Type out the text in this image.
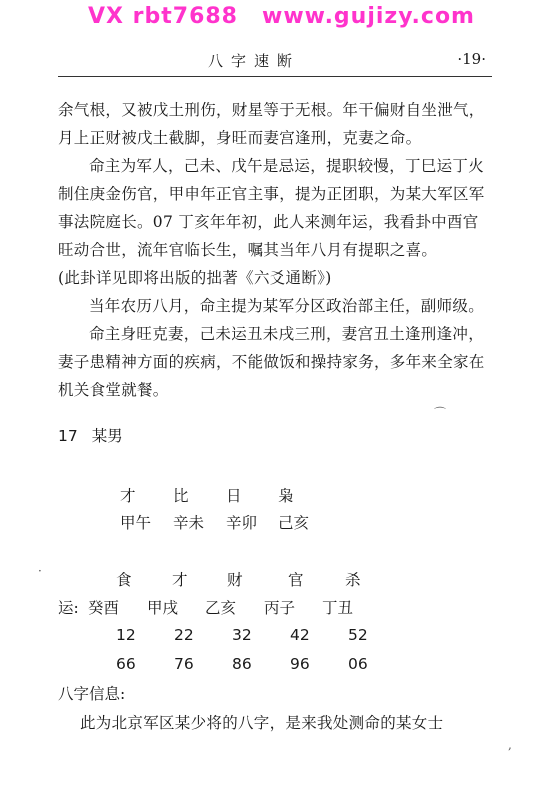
VX rbt7688 www.gujizy.com
八字速断	·19·

余气根，又被戊土刑伤，财星等于无根。年干偏财自坐泄气，月上正财被戊土截脚，身旺而妻宫逢刑，克妻之命。

命主为军人，己未、戊午是忌运，提职较慢，丁巳运丁火制住庚金伤官，甲申年正官主事，提为正团职，为某大军区军事法院庭长。07 丁亥年年初，此人来测年运，我看卦中酉官旺动合世，流年官临长生，嘱其当年八月有提职之喜。

(此卦详见即将出版的拙著《六爻通断》)

当年农历八月，命主提为某军分区政治部主任，副师级。

命主身旺克妻，己未运丑未戌三刑，妻宫丑土逢刑逢冲，妻子患精神方面的疾病，不能做饭和操持家务，多年来全家在机关食堂就餐。

⌒
17 某男
才 比 日 枭
甲午 辛未 辛卯 己亥
·	食	才	财	官	杀
运: 癸酉 甲戌 乙亥 丙子 丁丑
12 22 32 42 52
66 76 86 96 06
八字信息:
此为北京军区某少将的八字，是来我处测命的某女士
,
